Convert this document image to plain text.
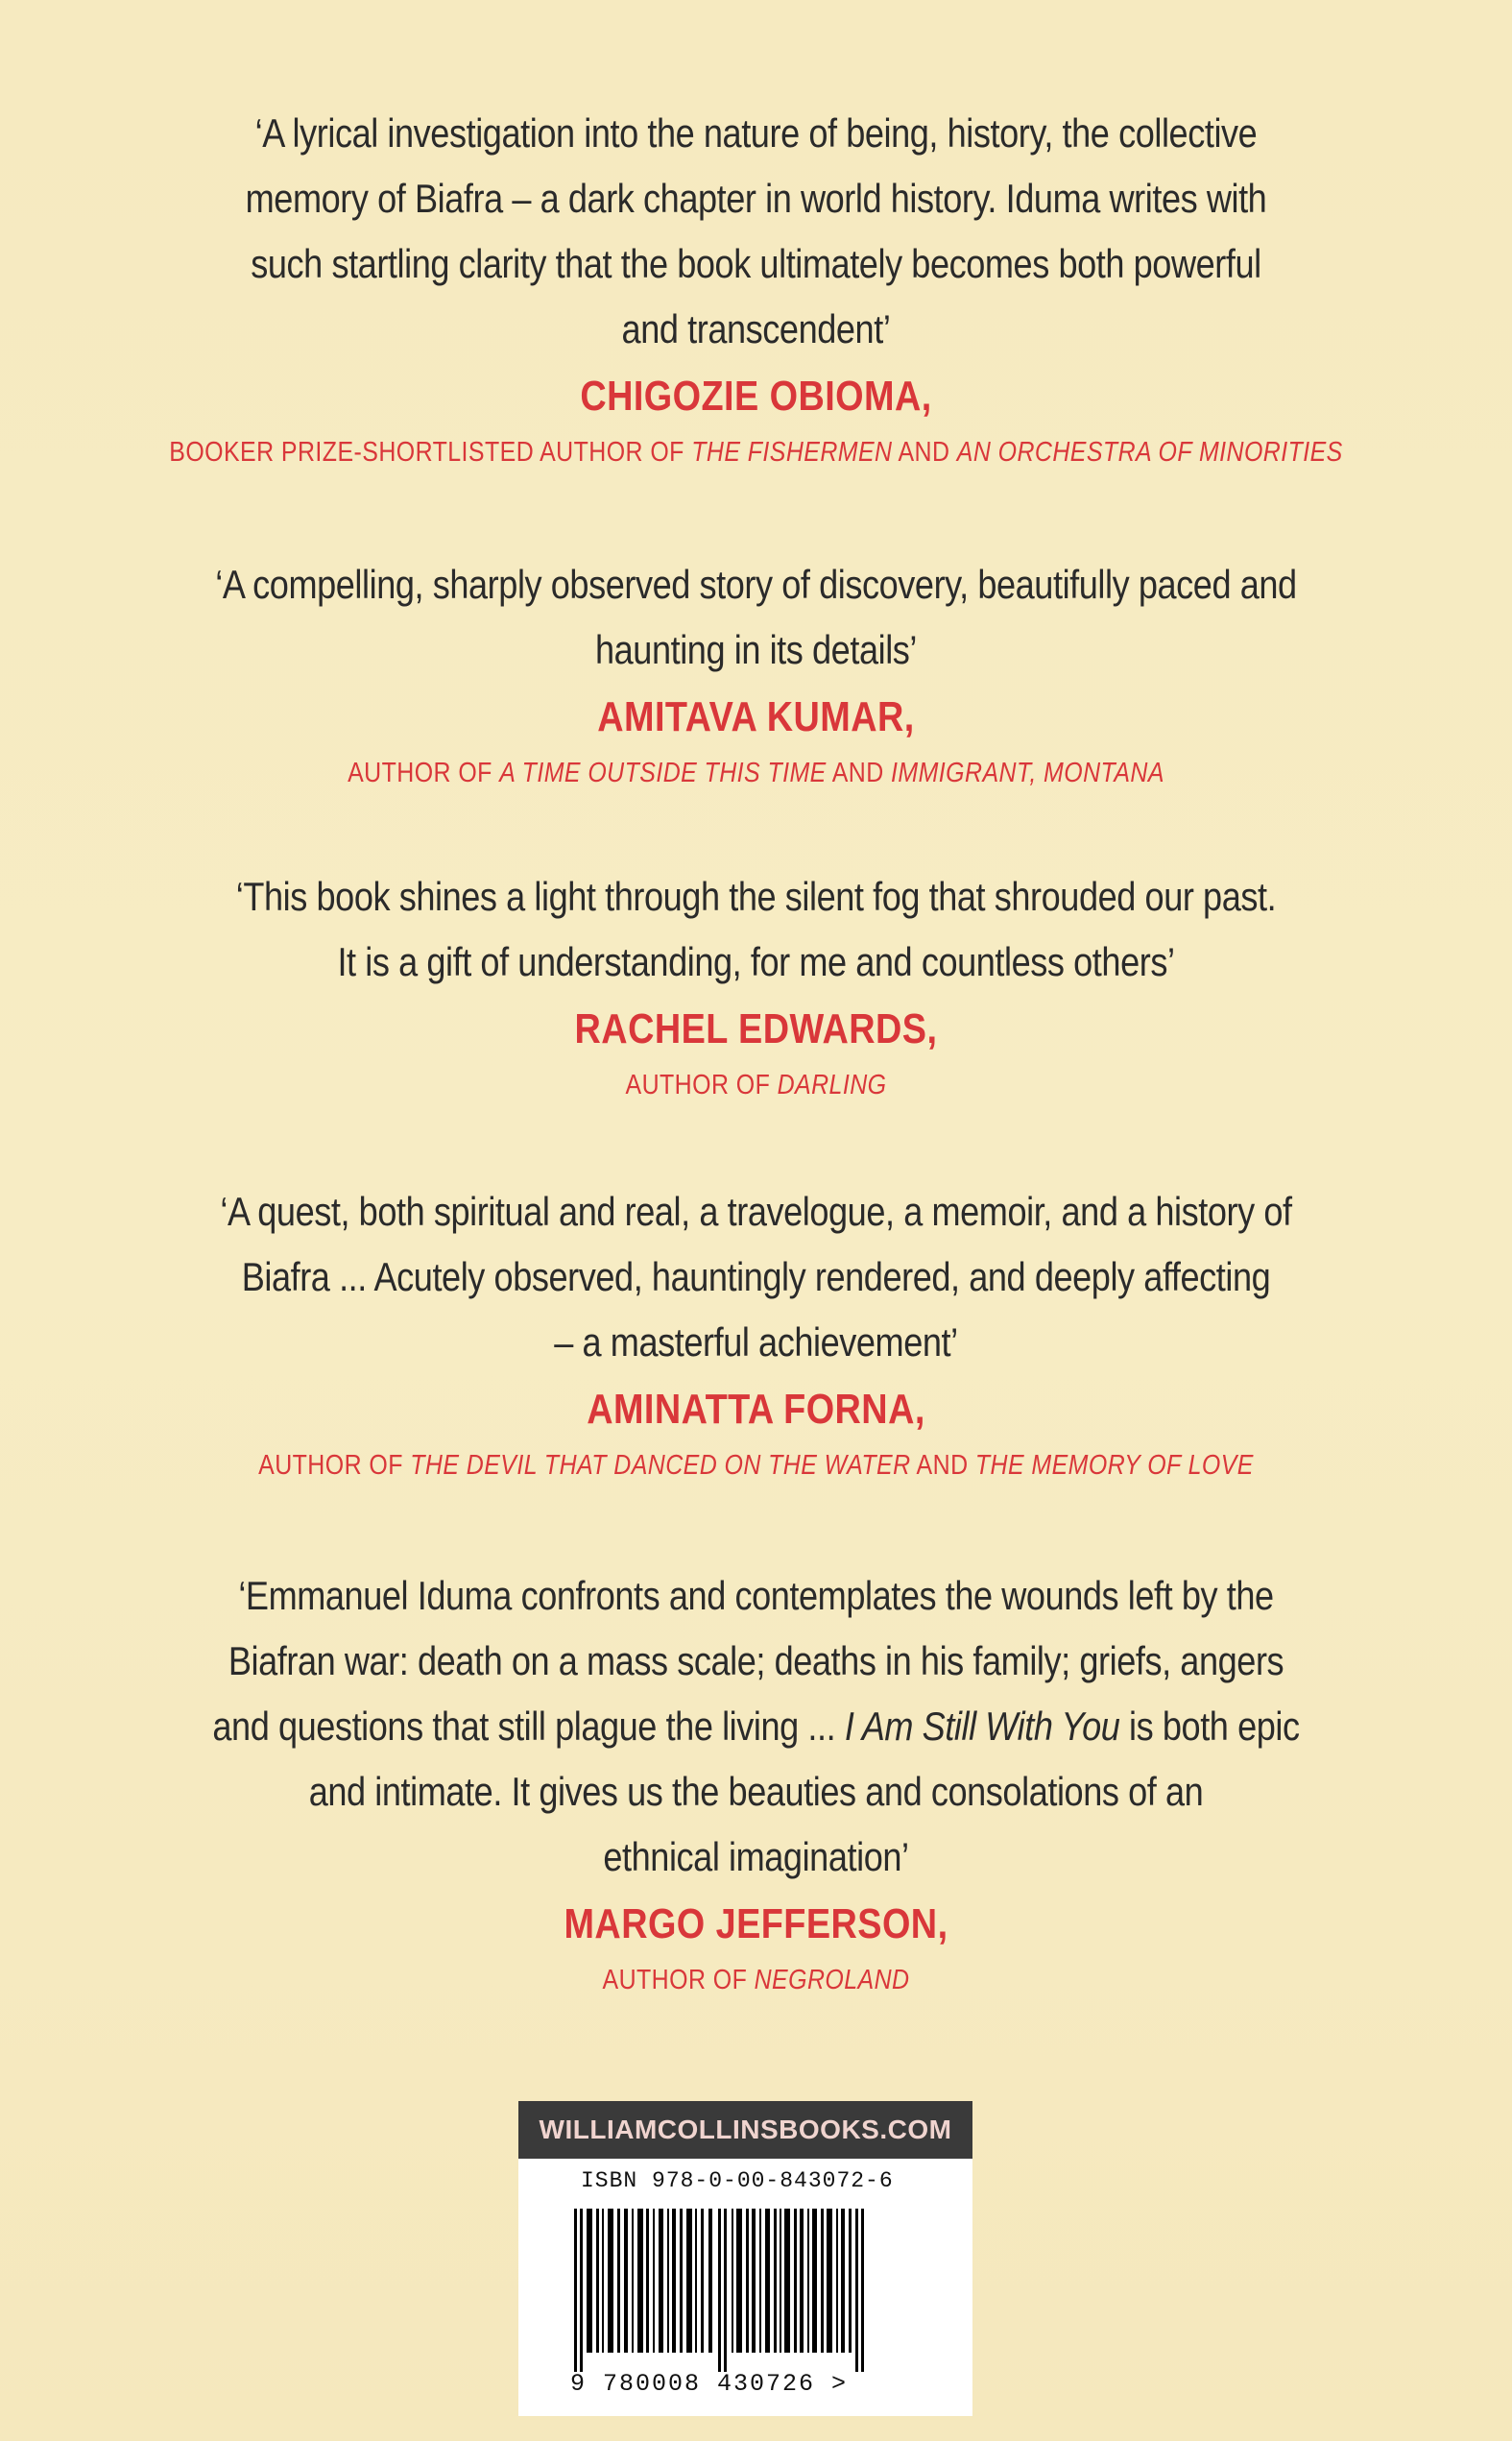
‘A lyrical investigation into the nature of being, history, the collective
memory of Biafra – a dark chapter in world history. Iduma writes with
such startling clarity that the book ultimately becomes both powerful
and transcendent’
CHIGOZIE OBIOMA,
BOOKER PRIZE-SHORTLISTED AUTHOR OF THE FISHERMEN AND AN ORCHESTRA OF MINORITIES
‘A compelling, sharply observed story of discovery, beautifully paced and
haunting in its details’
AMITAVA KUMAR,
AUTHOR OF A TIME OUTSIDE THIS TIME AND IMMIGRANT, MONTANA
‘This book shines a light through the silent fog that shrouded our past.
It is a gift of understanding, for me and countless others’
RACHEL EDWARDS,
AUTHOR OF DARLING
‘A quest, both spiritual and real, a travelogue, a memoir, and a history of
Biafra ... Acutely observed, hauntingly rendered, and deeply affecting
– a masterful achievement’
AMINATTA FORNA,
AUTHOR OF THE DEVIL THAT DANCED ON THE WATER AND THE MEMORY OF LOVE
‘Emmanuel Iduma confronts and contemplates the wounds left by the
Biafran war: death on a mass scale; deaths in his family; griefs, angers
and questions that still plague the living ... I Am Still With You is both epic
and intimate. It gives us the beauties and consolations of an
ethnical imagination’
MARGO JEFFERSON,
AUTHOR OF NEGROLAND
WILLIAMCOLLINSBOOKS.COM
ISBN 978-0-00-843072-6
9 780008 430726 >
